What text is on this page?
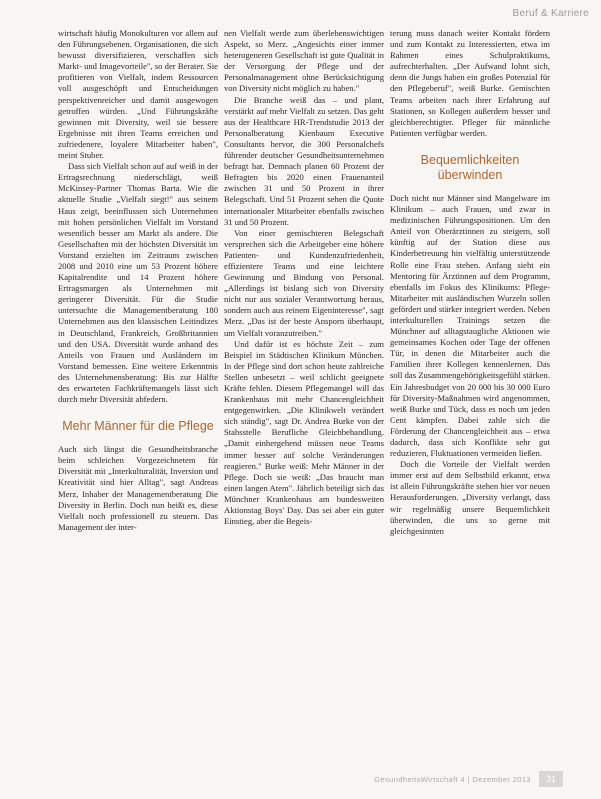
Beruf & Karriere

wirtschaft häufig Monokulturen vor allem auf den Führungsebenen. Organisationen, die sich bewusst diversifizieren, verschaffen sich Markt- und Imagevorteile", so der Berater. Sie profitieren von Vielfalt, indem Ressourcen voll ausgeschöpft und Entscheidungen perspektivenreicher und damit ausgewogen getroffen würden. „Und Führungskräfte gewinnen mit Diversity, weil sie bessere Ergebnisse mit ihren Teams erreichen und zufriedenere, loyalere Mitarbeiter haben", meint Stuber.

Dass sich Vielfalt schon auf auf weiß in der Ertragsrechnung niederschlägt, weiß McKinsey-Partner Thomas Barta. Wie die aktuelle Studie „Vielfalt siegt!" aus seinem Haus zeigt, beeinflussen sich Unternehmen mit hohen persönlichen Vielfalt im Vorstand wesentlich besser am Markt als andere. Die Gesellschaften mit der höchsten Diversität im Vorstand erzielten im Zeitraum zwischen 2008 und 2010 eine um 53 Prozent höhere Kapitalrendite und 14 Prozent höhere Ertragsmargen als Unternehmen mit geringerer Diversität. Für die Studie untersuchte die Managementberatung 180 Unternehmen aus den klassischen Leitindizes in Deutschland, Frankreich, Großbritannien und den USA. Diversität wurde anhand des Anteils von Frauen und Ausländern im Vorstand bemessen. Eine weitere Erkenntnis des Unternehmensberatung: Bis zur Hälfte des erwarteten Fachkräftemangels lässt sich durch mehr Diversität abfedern.

Mehr Männer für die Pflege

Auch sich längst die Gesundheitsbranche beim schleichen Vorgezeichnetem für Diversität mit „Interkulturalität, Inversion und Kreativität sind hier Alltag", sagt Andreas Merz, Inhaber der Managementberatung Die Diversity in Berlin. Doch nun heißt es, diese Vielfalt noch professionell zu steuern. Das Management der inter-

nen Vielfalt werde zum überlebenswichtigen Aspekt, so Merz. „Angesichts einer immer heterogeneren Gesellschaft ist gute Qualität in der Versorgung der Pflege und der Personalmanagement ohne Berücksichtigung von Diversity nicht möglich zu haben."

Die Branche weiß das – und plant, verstärkt auf mehr Vielfalt zu setzen. Das geht aus der Healthcare HR-Trendstudie 2013 der Personalberatung Kienbaum Executive Consultants hervor, die 300 Personalchefs führender deutscher Gesundheitsunternehmen befragt hat. Demnach planen 60 Prozent der Befragten bis 2020 einen Frauenanteil zwischen 31 und 50 Prozent in ihrer Belegschaft. Und 51 Prozent sehen die Quote internationaler Mitarbeiter ebenfalls zwischen 31 und 50 Prozent.

Von einer gemischteren Belegschaft versprechen sich die Arbeitgeber eine höhere Patienten- und Kundenzufriedenheit, effizientere Teams und eine leichtere Gewinnung und Bindung von Personal. „Allerdings ist bislang sich von Diversity nicht nur aus sozialer Verantwortung heraus, sondern auch aus reinem Eigeninteresse", sagt Merz. „Das ist der beste Ansporn überhaupt, um Vielfalt voranzutreiben."

Und dafür ist es höchste Zeit – zum Beispiel im Städtischen Klinikum München. In der Pflege sind dort schon heute zahlreiche Stellen unbesetzt – weil schlicht geeignete Kräfte fehlen. Diesem Pflegemangel will das Krankenhaus mit mehr Chancengleichheit entgegenwirken. „Die Klinikwelt verändert sich ständig", sagt Dr. Andrea Burke von der Stabsstelle Berufliche Gleichbehandlung. „Damit einhergehend müssen neue Teams immer besser auf solche Veränderungen reagieren." Burke weiß: Mehr Männer in der Pflege. Doch sie weiß: „Das braucht man einen langen Atem". Jährlich beteiligt sich das Münchner Krankenhaus am bundesweiten Aktionstag Boys' Day. Das sei aber ein guter Einstieg, aber die Begeis-

terung muss danach weiter Kontakt fördern und zum Kontakt zu Interessierten, etwa im Rahmen eines Schulpraktikums, aufrechterhalten. „Der Aufwand lohnt sich, denn die Jungs haben ein großes Potenzial für den Pflegeberuf", weiß Burke. Gemischten Teams arbeiten nach ihrer Erfahrung auf Stationen, so Kollegen außerdem besser und gleichberechtigter. Pfleger für männliche Patienten verfügbar werden.

Bequemlichkeiten überwinden

Doch nicht nur Männer sind Mangelware im Klinikum – auch Frauen, und zwar in medizinischen Führungspositionen. Um den Anteil von Oberärztinnen zu steigern, soll künftig auf der Station diese aus Kinderbetreuung hin vielfältig unterstützende Rolle eine Frau stehen. Anfang sieht ein Mentoring für Ärztinnen auf dem Programm, ebenfalls im Fokus des Klinikums: Pflege-Mitarbeiter mit ausländischen Wurzeln sollen gefördert und stärker integriert werden. Neben interkulturellen Trainings setzen die Münchner auf alltagstaugliche Aktionen wie gemeinsames Kochen oder Tage der offenen Tür, in denen die Mitarbeiter auch die Familien ihrer Kollegen kennenlernen. Das soll das Zusammengehörigkeitsgefühl stärken. Ein Jahresbudget von 20 000 bis 30 000 Euro für Diversity-Maßnahmen wird angenommen, weiß Burke und Tück, dass es noch um jeden Cent kämpfen. Dabei zahle sich die Förderung der Chancengleichheit aus – etwa dadurch, dass sich Konflikte sehr gut reduzieren, Fluktuationen vermeiden ließen.

Doch die Vorteile der Vielfalt werden immer erst auf dem Selbstbild erkannt, etwa ist allein Führungskräfte stehen hier vor neuen Herausforderungen. „Diversity verlangt, dass wir regelmäßig unsere Bequemlichkeit überwinden, die uns so gerne mit gleichgesinnten

GesundheitsWirtschaft 4 | Dezember 2013	31
